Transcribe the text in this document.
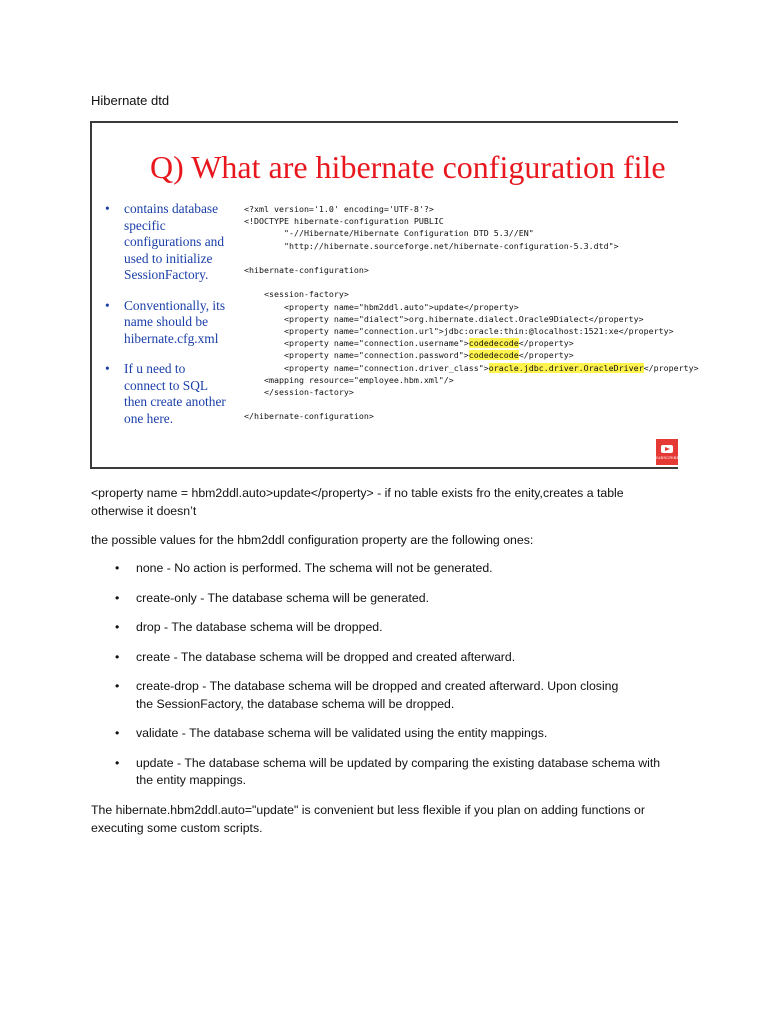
Hibernate dtd
Q) What are hibernate configuration file
• contains database specific configurations and used to initialize SessionFactory.
• Conventionally, its name should be hibernate.cfg.xml
• If u need to connect to SQL then create another one here.
<?xml version='1.0' encoding='UTF-8'?>
<!DOCTYPE hibernate-configuration PUBLIC
"-//Hibernate/Hibernate Configuration DTD 5.3//EN"
"http://hibernate.sourceforge.net/hibernate-configuration-5.3.dtd">

<hibernate-configuration>

<session-factory>
<property name="hbm2ddl.auto">update</property>
<property name="dialect">org.hibernate.dialect.Oracle9Dialect</property>
<property name="connection.url">jdbc:oracle:thin:@localhost:1521:xe</property>
<property name="connection.username">codedecode</property>
<property name="connection.password">codedecode</property>
<property name="connection.driver_class">oracle.jdbc.driver.OracleDriver</property>
<mapping resource="employee.hbm.xml"/>
</session-factory>

</hibernate-configuration>
SUBSCRIBE

<property name = hbm2ddl.auto>update</property> - if no table exists fro the enity,creates a table
otherwise it doesn’t

the possible values for the hbm2ddl configuration property are the following ones:

• none - No action is performed. The schema will not be generated.
• create-only - The database schema will be generated.
• drop - The database schema will be dropped.
• create - The database schema will be dropped and created afterward.
• create-drop - The database schema will be dropped and created afterward. Upon closing
the SessionFactory, the database schema will be dropped.
• validate - The database schema will be validated using the entity mappings.
• update - The database schema will be updated by comparing the existing database schema with
the entity mappings.

The hibernate.hbm2ddl.auto="update" is convenient but less flexible if you plan on adding functions or
executing some custom scripts.
